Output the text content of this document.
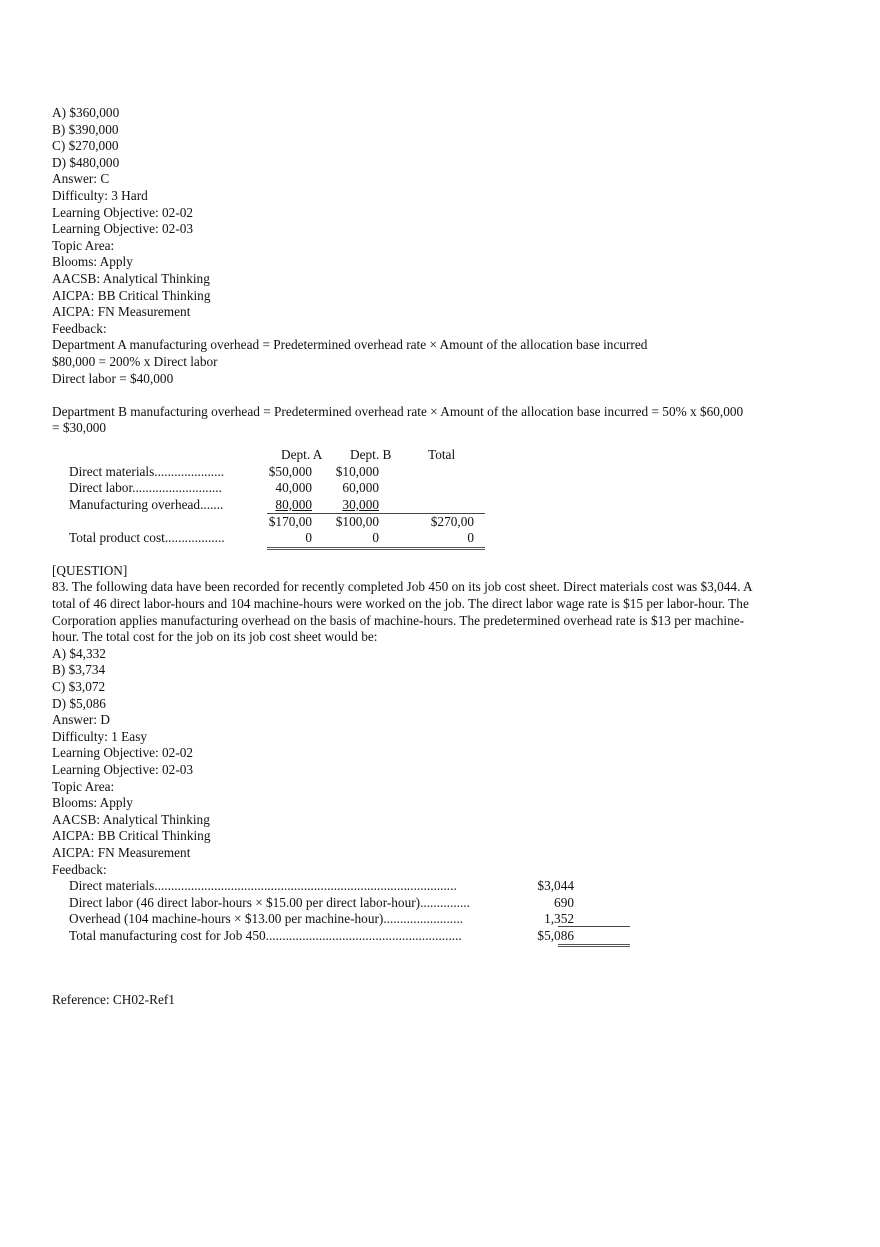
A) $360,000
B) $390,000
C) $270,000
D) $480,000
Answer: C
Difficulty: 3 Hard
Learning Objective: 02-02
Learning Objective: 02-03
Topic Area:
Blooms: Apply
AACSB: Analytical Thinking
AICPA: BB Critical Thinking
AICPA: FN Measurement
Feedback:
Department A manufacturing overhead = Predetermined overhead rate × Amount of the allocation base incurred
$80,000 = 200% x Direct labor
Direct labor = $40,000
Department B manufacturing overhead = Predetermined overhead rate × Amount of the allocation base incurred = 50% x $60,000 = $30,000
Dept. A Dept. B	Total
Direct materials.....................	$50,000	$10,000
Direct labor...........................	40,000	60,000
Manufacturing overhead.......	80,000	30,000
$170,00	$100,00	$270,00
Total product cost..................	0	0	0
[QUESTION]
83. The following data have been recorded for recently completed Job 450 on its job cost sheet. Direct materials cost was $3,044. A total of 46 direct labor-hours and 104 machine-hours were worked on the job. The direct labor wage rate is $15 per labor-hour. The Corporation applies manufacturing overhead on the basis of machine-hours. The predetermined overhead rate is $13 per machine-hour. The total cost for the job on its job cost sheet would be:
A) $4,332
B) $3,734
C) $3,072
D) $5,086
Answer: D
Difficulty: 1 Easy
Learning Objective: 02-02
Learning Objective: 02-03
Topic Area:
Blooms: Apply
AACSB: Analytical Thinking
AICPA: BB Critical Thinking
AICPA: FN Measurement
Feedback:
Direct materials...........................................................................................	$3,044
Direct labor (46 direct labor-hours × $15.00 per direct labor-hour)...............	690
Overhead (104 machine-hours × $13.00 per machine-hour)........................	1,352
Total manufacturing cost for Job 450...........................................................	$5,086
Reference: CH02-Ref1
